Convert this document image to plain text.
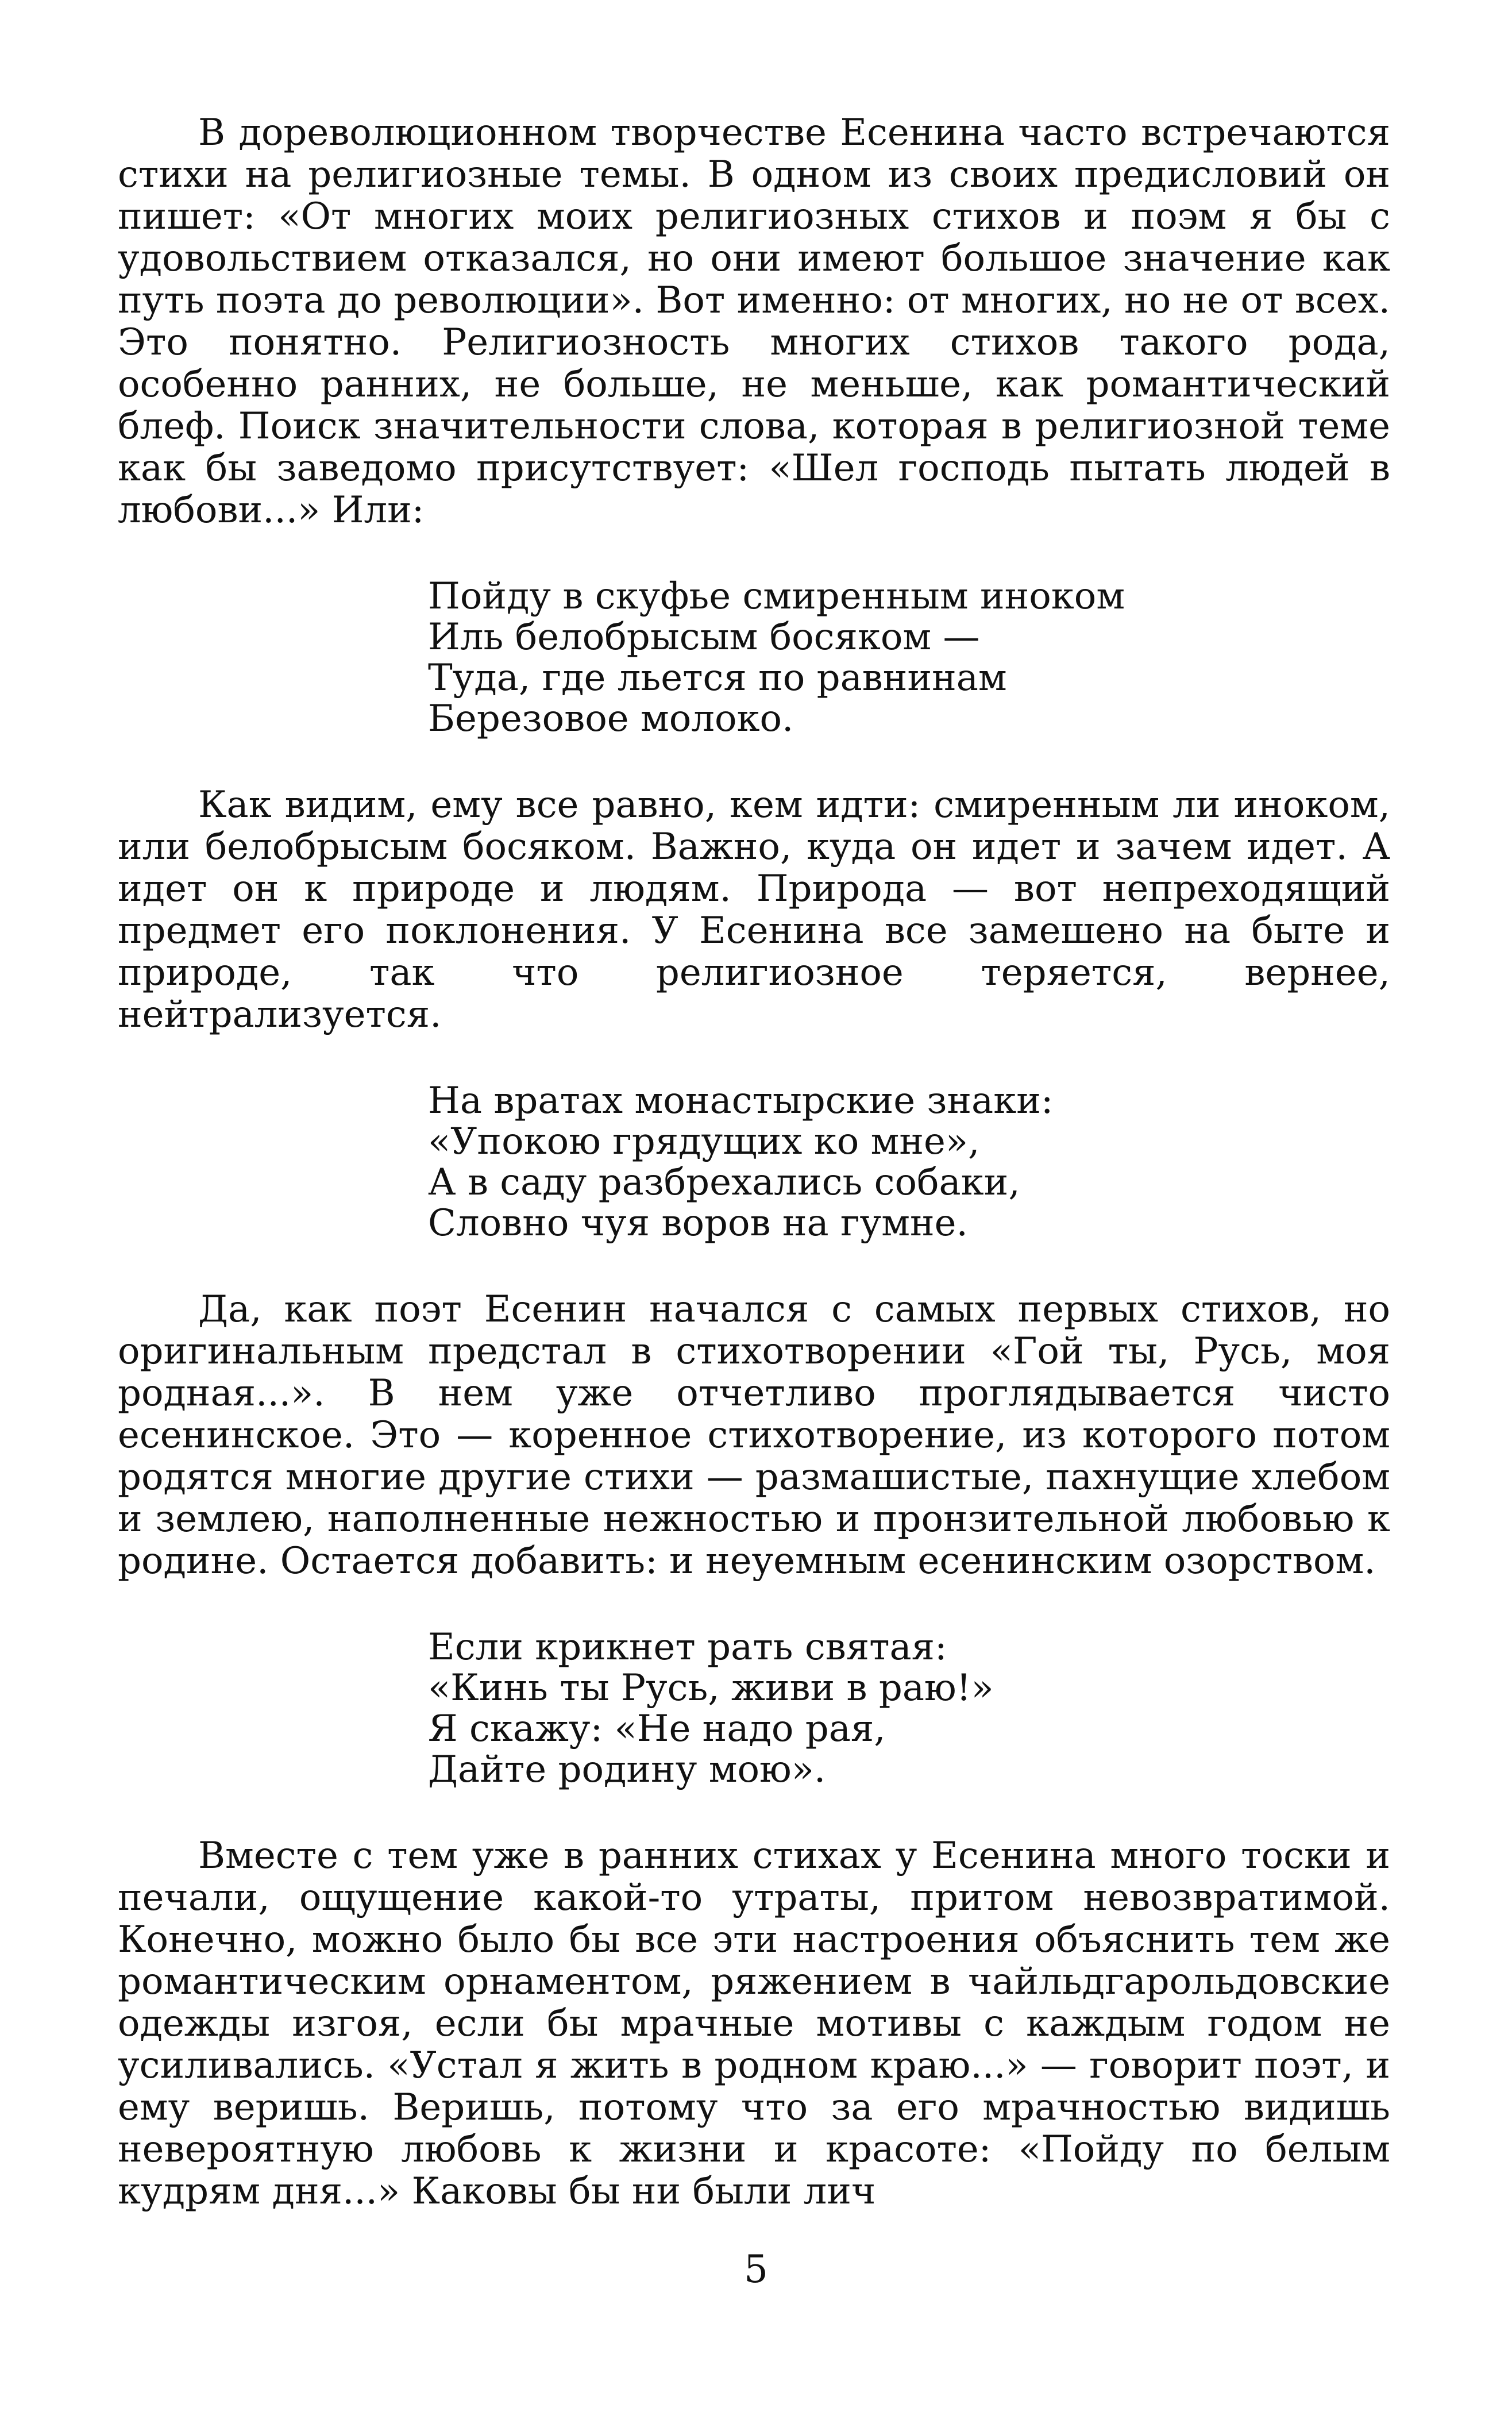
В дореволюционном творчестве Есенина часто встречаются стихи на религиозные темы. В одном из своих предисловий он пишет: «От многих моих религиозных стихов и поэм я бы с удовольствием отказался, но они имеют большое значение как путь поэта до революции». Вот именно: от многих, но не от всех. Это понятно. Религиозность многих стихов такого рода, особенно ранних, не больше, не меньше, как романтический блеф. Поиск значительности слова, которая в религиозной теме как бы заведомо присутствует: «Шел господь пытать людей в любови...» Или:

Пойду в скуфье смиренным иноком
Иль белобрысым босяком —
Туда, где льется по равнинам
Березовое молоко.

Как видим, ему все равно, кем идти: смиренным ли иноком, или белобрысым босяком. Важно, куда он идет и зачем идет. А идет он к природе и людям. Природа — вот непреходящий предмет его поклонения. У Есенина все замешено на быте и природе, так что религиозное теряется, вернее, нейтрализуется.

На вратах монастырские знаки:
«Упокою грядущих ко мне»,
А в саду разбрехались собаки,
Словно чуя воров на гумне.

Да, как поэт Есенин начался с самых первых стихов, но оригинальным предстал в стихотворении «Гой ты, Русь, моя родная...». В нем уже отчетливо проглядывается чисто есенинское. Это — коренное стихотворение, из которого потом родятся многие другие стихи — размашистые, пахнущие хлебом и землею, наполненные нежностью и пронзительной любовью к родине. Остается добавить: и неуемным есенинским озорством.

Если крикнет рать святая:
«Кинь ты Русь, живи в раю!»
Я скажу: «Не надо рая,
Дайте родину мою».

Вместе с тем уже в ранних стихах у Есенина много тоски и печали, ощущение какой-то утраты, притом невозвратимой. Конечно, можно было бы все эти настроения объяснить тем же романтическим орнаментом, ряжением в чайльдгарольдовские одежды изгоя, если бы мрачные мотивы с каждым годом не усиливались. «Устал я жить в родном краю...» — говорит поэт, и ему веришь. Веришь, потому что за его мрачностью видишь невероятную любовь к жизни и красоте: «Пойду по белым кудрям дня...» Каковы бы ни были лич

5
